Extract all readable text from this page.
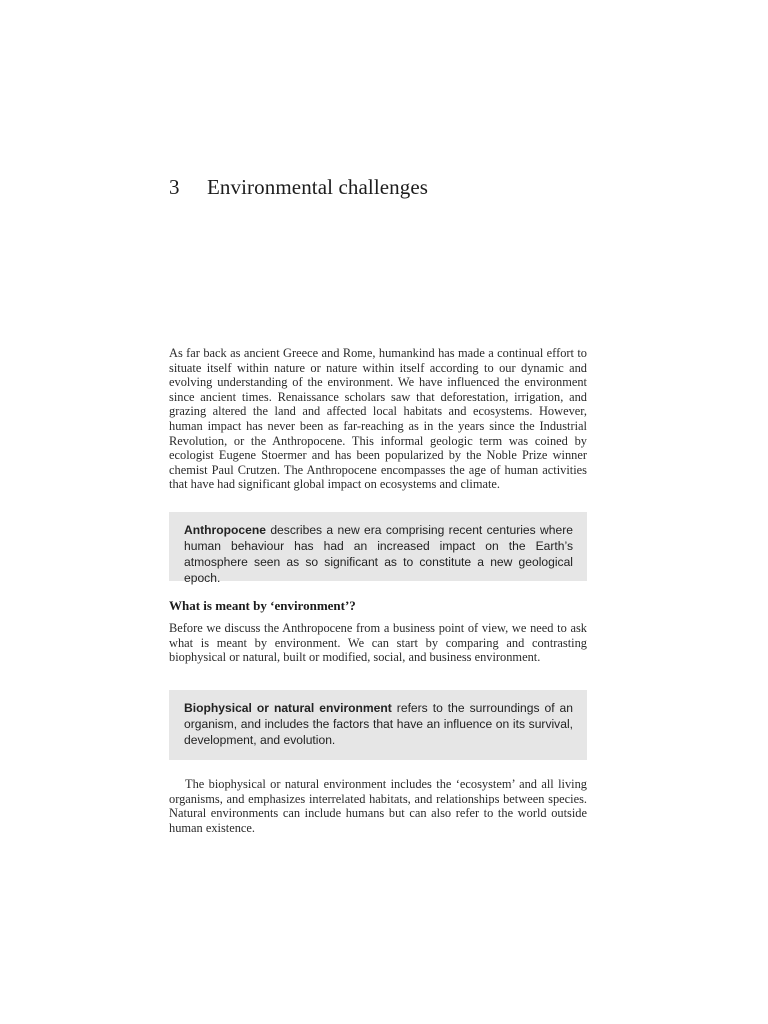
3 Environmental challenges

As far back as ancient Greece and Rome, humankind has made a continual effort to situate itself within nature or nature within itself according to our dynamic and evolving understanding of the environment. We have influenced the environment since ancient times. Renaissance scholars saw that deforestation, irrigation, and grazing altered the land and affected local habitats and ecosystems. However, human impact has never been as far-reaching as in the years since the Industrial Revolution, or the Anthropocene. This informal geologic term was coined by ecologist Eugene Stoermer and has been popularized by the Noble Prize winner chemist Paul Crutzen. The Anthropocene encompasses the age of human activities that have had significant global impact on ecosystems and climate.

Anthropocene describes a new era comprising recent centuries where human behaviour has had an increased impact on the Earth’s atmosphere seen as so significant as to constitute a new geological epoch.
What is meant by ‘environment’?

Before we discuss the Anthropocene from a business point of view, we need to ask what is meant by environment. We can start by comparing and contrasting biophysical or natural, built or modified, social, and business environment.

Biophysical or natural environment refers to the surroundings of an organism, and includes the factors that have an influence on its survival, development, and evolution.

The biophysical or natural environment includes the ‘ecosystem’ and all living organisms, and emphasizes interrelated habitats, and relationships between species. Natural environments can include humans but can also refer to the world outside human existence.
